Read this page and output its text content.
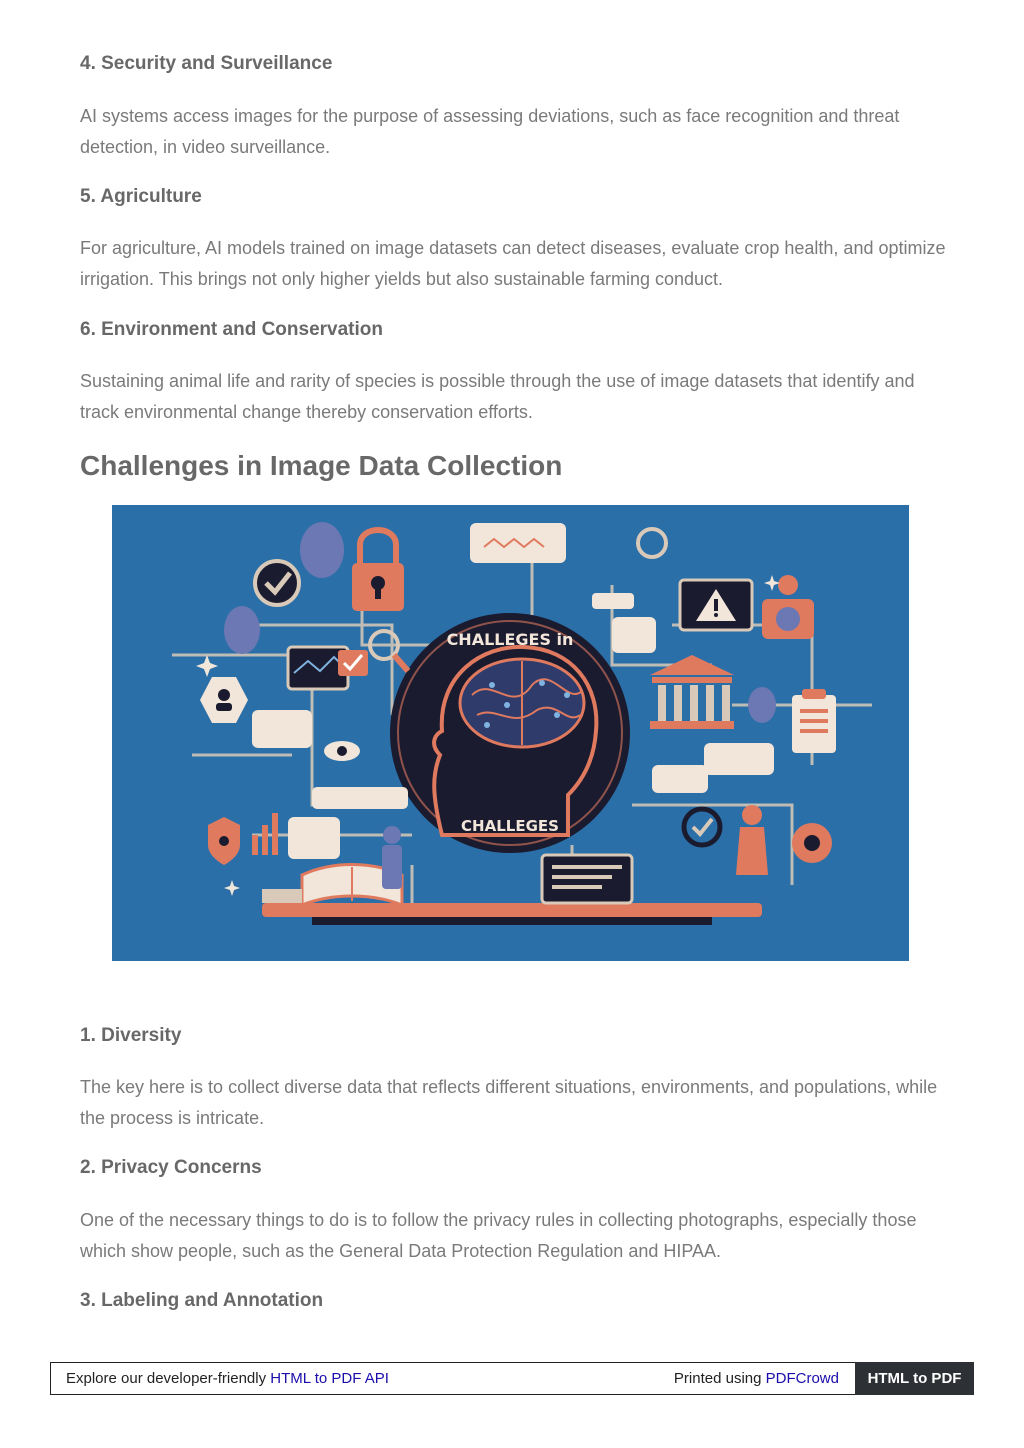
4. Security and Surveillance

AI systems access images for the purpose of assessing deviations, such as face recognition and threat detection, in video surveillance.

5. Agriculture

For agriculture, AI models trained on image datasets can detect diseases, evaluate crop health, and optimize irrigation. This brings not only higher yields but also sustainable farming conduct.

6. Environment and Conservation

Sustaining animal life and rarity of species is possible through the use of image datasets that identify and track environmental change thereby conservation efforts.

Challenges in Image Data Collection
1. Diversity

The key here is to collect diverse data that reflects different situations, environments, and populations, while the process is intricate.

2. Privacy Concerns

One of the necessary things to do is to follow the privacy rules in collecting photographs, especially those which show people, such as the General Data Protection Regulation and HIPAA.

3. Labeling and Annotation
CHALLEGES in
CHALLEGES
Explore our developer-friendly HTML to PDF API	Printed using PDFCrowd	HTML to PDF
